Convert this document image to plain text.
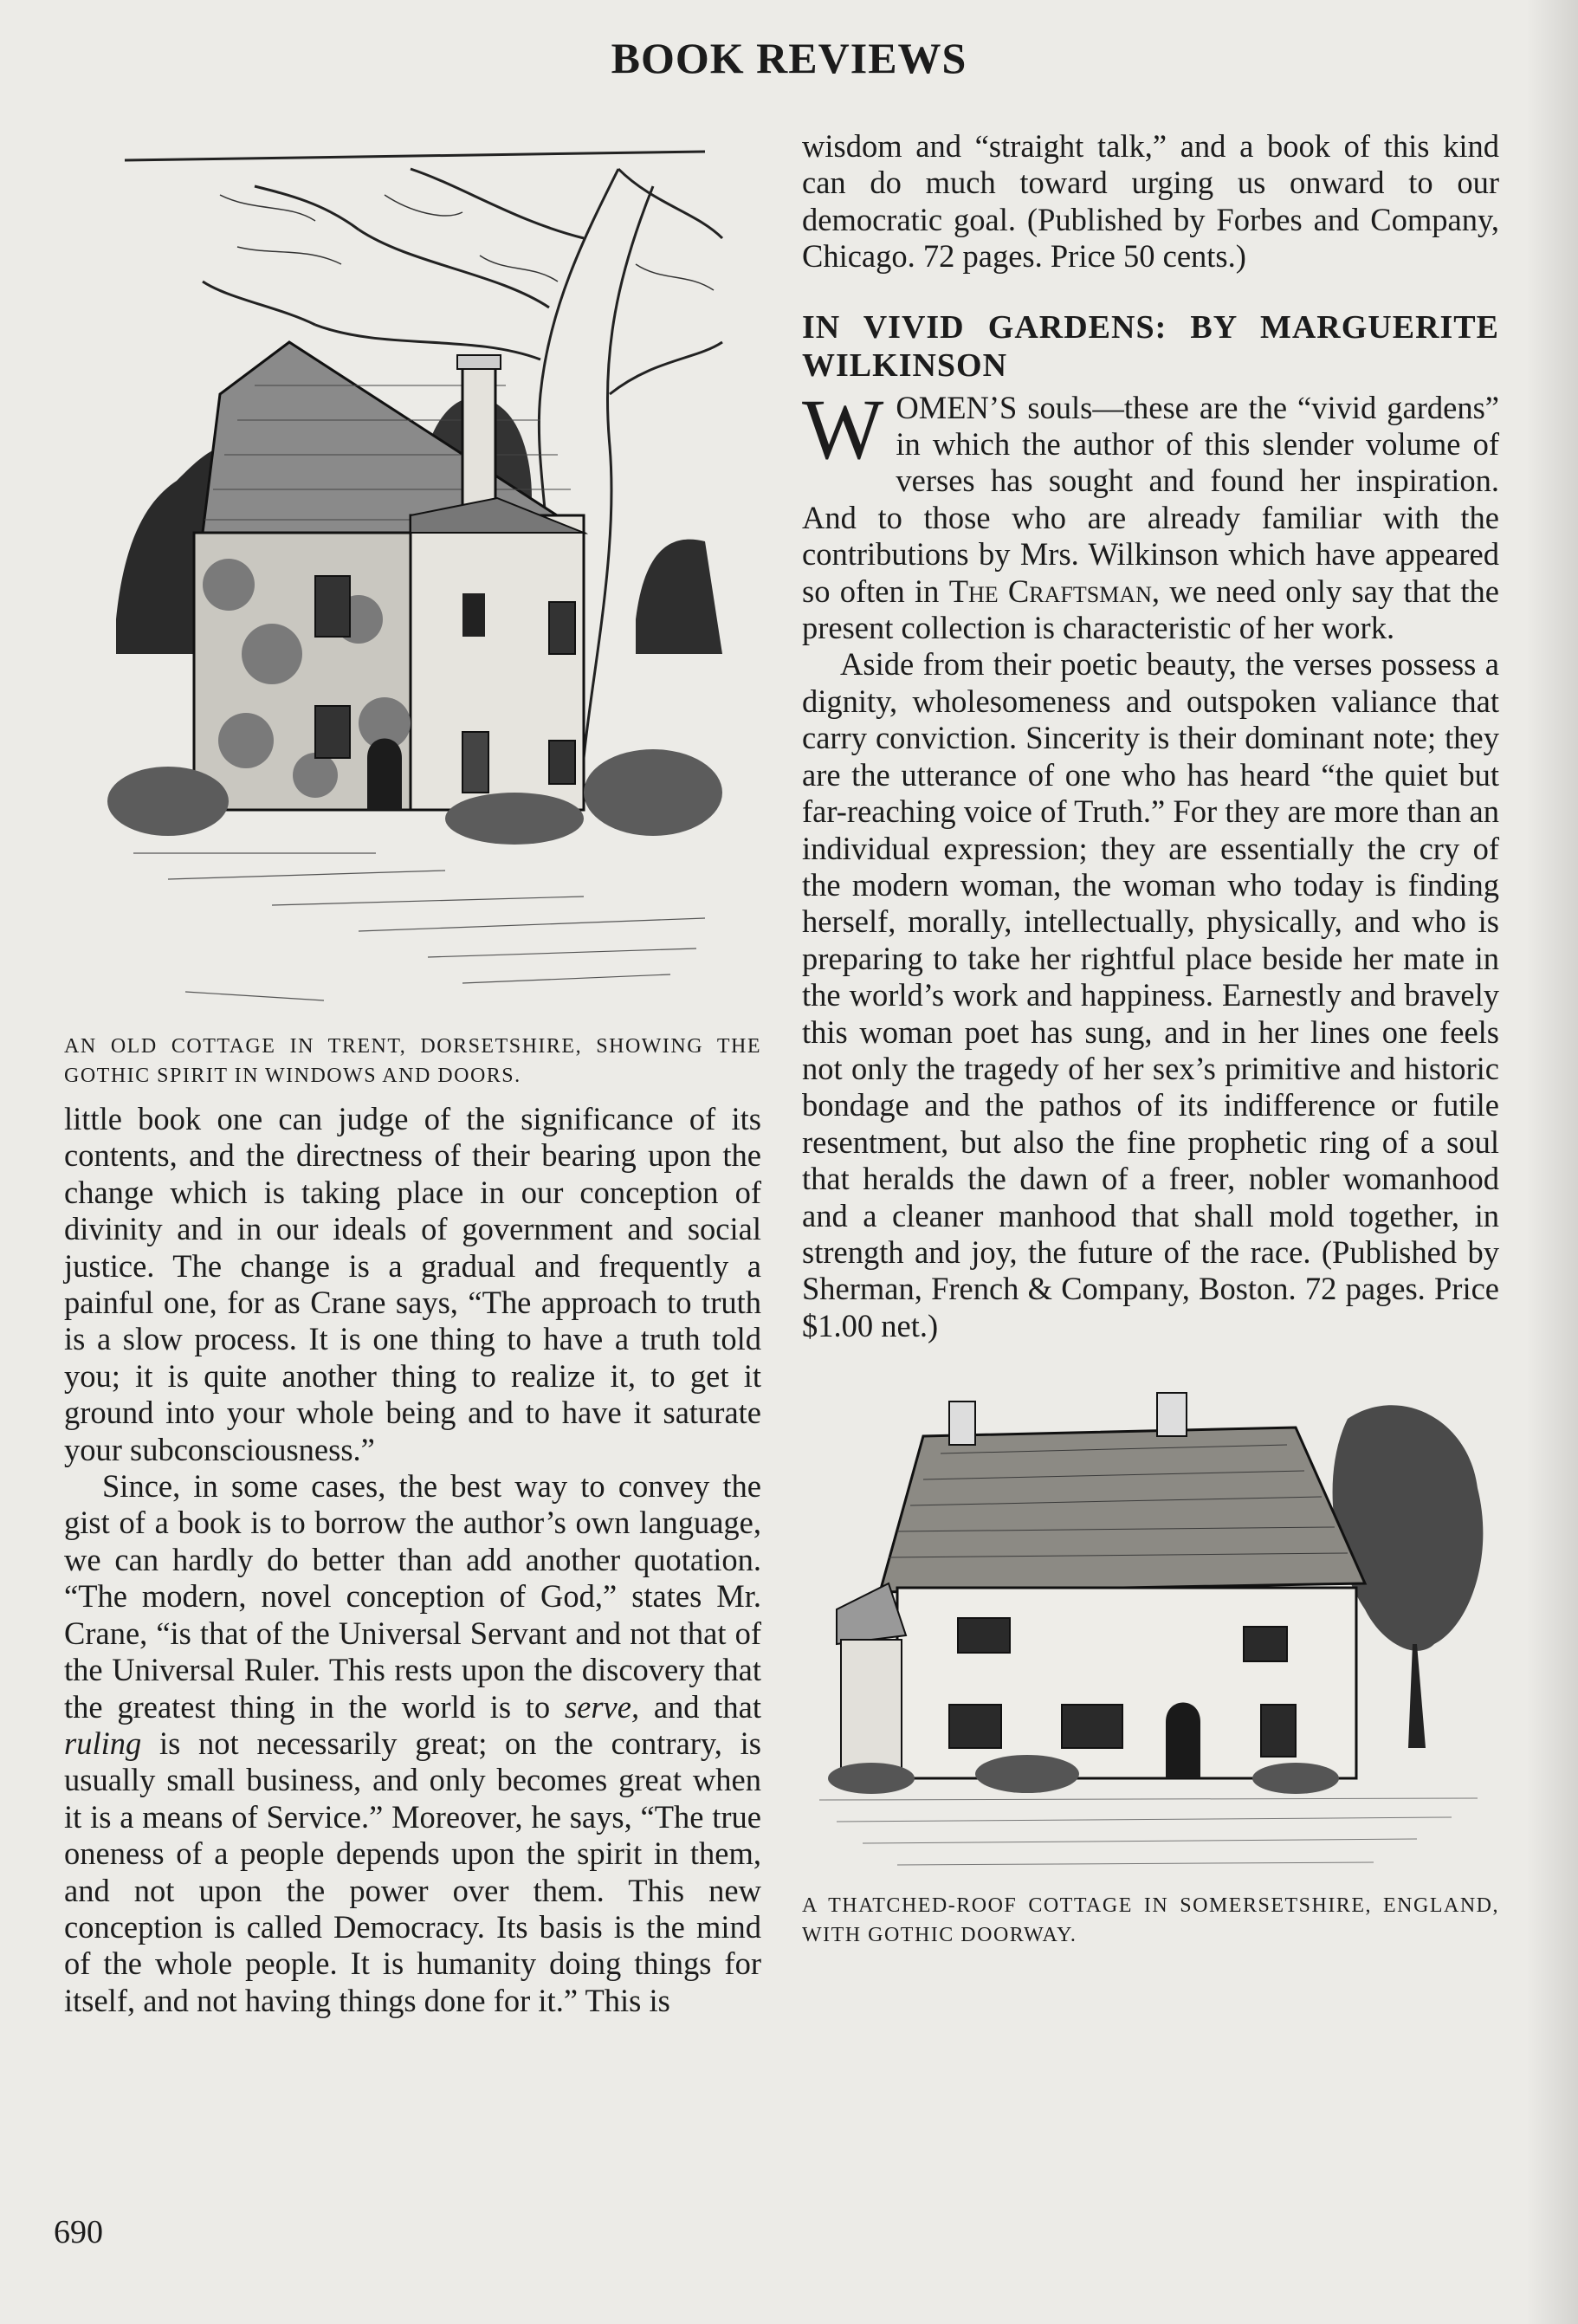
BOOK REVIEWS
AN OLD COTTAGE IN TRENT, DORSETSHIRE, SHOWING THE GOTHIC SPIRIT IN WINDOWS AND DOORS.

little book one can judge of the significance of its contents, and the directness of their bearing upon the change which is taking place in our conception of divinity and in our ideals of government and social justice. The change is a gradual and frequently a painful one, for as Crane says, “The approach to truth is a slow process. It is one thing to have a truth told you; it is quite another thing to realize it, to get it ground into your whole being and to have it saturate your subconsciousness.”

Since, in some cases, the best way to convey the gist of a book is to borrow the author’s own language, we can hardly do better than add another quotation. “The modern, novel conception of God,” states Mr. Crane, “is that of the Universal Servant and not that of the Universal Ruler. This rests upon the discovery that the greatest thing in the world is to serve, and that ruling is not necessarily great; on the contrary, is usually small business, and only becomes great when it is a means of Service.” Moreover, he says, “The true oneness of a people depends upon the spirit in them, and not upon the power over them. This new conception is called Democracy. Its basis is the mind of the whole people. It is humanity doing things for itself, and not having things done for it.” This is

wisdom and “straight talk,” and a book of this kind can do much toward urging us onward to our democratic goal. (Published by Forbes and Company, Chicago. 72 pages. Price 50 cents.)

IN VIVID GARDENS: BY MARGUERITE WILKINSON

WOMEN’S souls—these are the “vivid gardens” in which the author of this slender volume of verses has sought and found her inspiration. And to those who are already familiar with the contributions by Mrs. Wilkinson which have appeared so often in The Craftsman, we need only say that the present collection is characteristic of her work.

Aside from their poetic beauty, the verses possess a dignity, wholesomeness and outspoken valiance that carry conviction. Sincerity is their dominant note; they are the utterance of one who has heard “the quiet but far-reaching voice of Truth.” For they are more than an individual expression; they are essentially the cry of the modern woman, the woman who today is finding herself, morally, intellectually, physically, and who is preparing to take her rightful place beside her mate in the world’s work and happiness. Earnestly and bravely this woman poet has sung, and in her lines one feels not only the tragedy of her sex’s primitive and historic bondage and the pathos of its indifference or futile resentment, but also the fine prophetic ring of a soul that heralds the dawn of a freer, nobler womanhood and a cleaner manhood that shall mold together, in strength and joy, the future of the race. (Published by Sherman, French & Company, Boston. 72 pages. Price $1.00 net.)

A THATCHED-ROOF COTTAGE IN SOMERSETSHIRE, ENGLAND, WITH GOTHIC DOORWAY.
690
